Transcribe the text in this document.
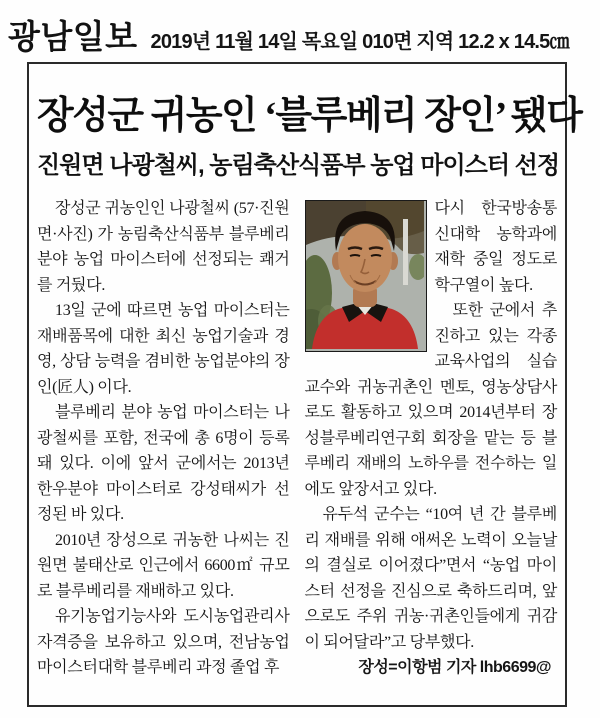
광남일보 2019년 11월 14일 목요일 010면 지역 12.2 x 14.5㎝
장성군 귀농인 ‘블루베리 장인’ 됐다
진원면 나광철씨, 농림축산식품부 농업 마이스터 선정

장성군 귀농인인 나광철씨 (57·진원면·사진) 가 농림축산식품부 블루베리 분야 농업 마이스터에 선정되는 쾌거를 거뒀다.

13일 군에 따르면 농업 마이스터는 재배품목에 대한 최신 농업기술과 경영, 상담 능력을 겸비한 농업분야의 장인(匠人) 이다.

블루베리 분야 농업 마이스터는 나광철씨를 포함, 전국에 총 6명이 등록돼 있다. 이에 앞서 군에서는 2013년 한우분야 마이스터로 강성태씨가 선정된 바 있다.

2010년 장성으로 귀농한 나씨는 진원면 불태산로 인근에서 6600㎡ 규모로 블루베리를 재배하고 있다.

유기농업기능사와 도시농업관리사 자격증을 보유하고 있으며, 전남농업 마이스터대학 블루베리 과정 졸업 후

다시 한국방송통신대학 농학과에 재학 중일 정도로 학구열이 높다.

또한 군에서 추진하고 있는 각종 교육사업의 실습 교수와 귀농귀촌인 멘토, 영농상담사로도 활동하고 있으며 2014년부터 장성블루베리연구회 회장을 맡는 등 블루베리 재배의 노하우를 전수하는 일에도 앞장서고 있다.

유두석 군수는 “10여 년 간 블루베리 재배를 위해 애써온 노력이 오늘날의 결실로 이어졌다”면서 “농업 마이스터 선정을 진심으로 축하드리며, 앞으로도 주위 귀농·귀촌인들에게 귀감이 되어달라”고 당부했다.

장성=이항범 기자 lhb6699@
